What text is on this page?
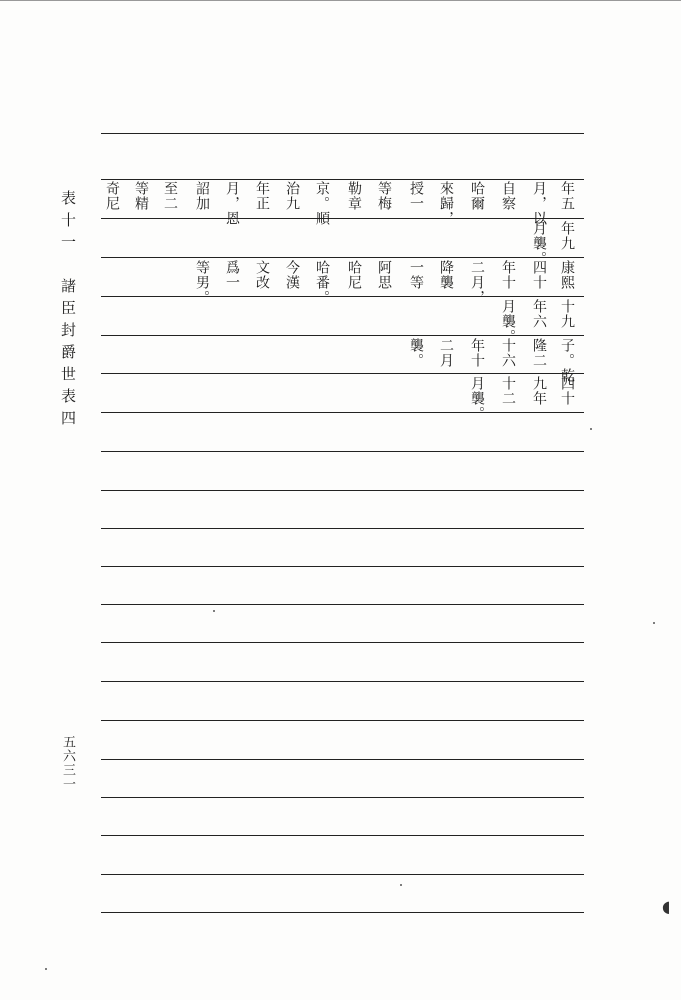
表十一　諸臣封爵世表四
五六三一
年五
月，以
自察
哈爾
來歸，
授一
等梅
勒章
京。順
治九
年正
月，恩
詔加
至二
等精
奇尼
年九
月襲。
康熙
四十
年十
二月，
降襲
一等
阿思
哈尼
哈番。
今漢
文改
爲一
等男。
十九
年六
月襲。
子。乾
隆二
十六
年十
二月
襲。
四十
九年
十二
月襲。
◖
